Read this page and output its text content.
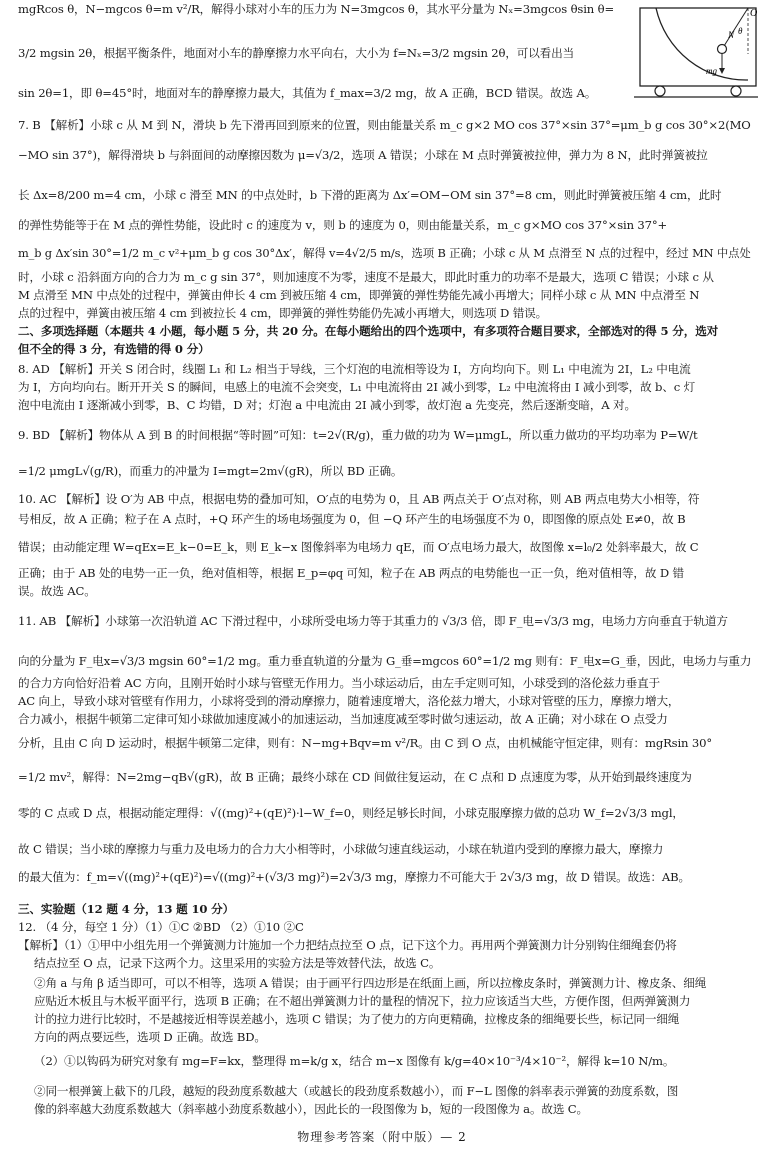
mgRcos θ，N−mgcos θ=m v²/R，解得小球对小车的压力为 N=3mgcos θ，其水平分量为 Nₓ=3mgcos θsin θ=
3/2 mgsin 2θ，根据平衡条件，地面对小车的静摩擦力水平向右，大小为 f=Nₓ=3/2 mgsin 2θ，可以看出当
sin 2θ=1，即 θ=45°时，地面对车的静摩擦力最大，其值为 f_max=3/2 mg，故 A 正确，BCD 错误。故选 A。
7. B 【解析】小球 c 从 M 到 N，滑块 b 先下滑再回到原来的位置，则由能量关系 m_c g×2 MO cos 37°×sin 37°=μm_b g cos 30°×2(MO
−MO sin 37°)，解得滑块 b 与斜面间的动摩擦因数为 μ=√3/2，选项 A 错误；小球在 M 点时弹簧被拉伸，弹力为 8 N，此时弹簧被拉
长 Δx=8/200 m=4 cm，小球 c 滑至 MN 的中点处时，b 下滑的距离为 Δx′=OM−OM sin 37°=8 cm，则此时弹簧被压缩 4 cm，此时
的弹性势能等于在 M 点的弹性势能，设此时 c 的速度为 v，则 b 的速度为 0，则由能量关系，m_c g×MO cos 37°×sin 37°+
m_b g Δx′sin 30°=1/2 m_c v²+μm_b g cos 30°Δx′，解得 v=4√2/5 m/s，选项 B 正确；小球 c 从 M 点滑至 N 点的过程中，经过 MN 中点处
时，小球 c 沿斜面方向的合力为 m_c g sin 37°，则加速度不为零，速度不是最大，即此时重力的功率不是最大，选项 C 错误；小球 c 从
M 点滑至 MN 中点处的过程中，弹簧由伸长 4 cm 到被压缩 4 cm，即弹簧的弹性势能先减小再增大；同样小球 c 从 MN 中点滑至 N
点的过程中，弹簧由被压缩 4 cm 到被拉长 4 cm，即弹簧的弹性势能仍先减小再增大，则选项 D 错误。
二、多项选择题（本题共 4 小题，每小题 5 分，共 20 分。在每小题给出的四个选项中，有多项符合题目要求，全部选对的得 5 分，选对
但不全的得 3 分，有选错的得 0 分）
8. AD 【解析】开关 S 闭合时，线圈 L₁ 和 L₂ 相当于导线，三个灯泡的电流相等设为 I，方向均向下。则 L₁ 中电流为 2I，L₂ 中电流
为 I，方向均向右。断开开关 S 的瞬间，电感上的电流不会突变，L₁ 中电流将由 2I 减小到零，L₂ 中电流将由 I 减小到零，故 b、c 灯
泡中电流由 I 逐渐减小到零，B、C 均错，D 对；灯泡 a 中电流由 2I 减小到零，故灯泡 a 先变亮，然后逐渐变暗，A 对。
9. BD 【解析】物体从 A 到 B 的时间根据“等时圆”可知：t=2√(R/g)，重力做的功为 W=μmgL，所以重力做功的平均功率为 P=W/t
=1/2 μmgL√(g/R)，而重力的冲量为 I=mgt=2m√(gR)，所以 BD 正确。
10. AC 【解析】设 O′为 AB 中点，根据电势的叠加可知，O′点的电势为 0，且 AB 两点关于 O′点对称，则 AB 两点电势大小相等，符
号相反，故 A 正确；粒子在 A 点时，+Q 环产生的场电场强度为 0，但 −Q 环产生的电场强度不为 0，即图像的原点处 E≠0，故 B
错误；由动能定理 W=qEx=E_k−0=E_k，则 E_k−x 图像斜率为电场力 qE，而 O′点电场力最大，故图像 x=l₀/2 处斜率最大，故 C
正确；由于 AB 处的电势一正一负，绝对值相等，根据 E_p=φq 可知，粒子在 AB 两点的电势能也一正一负，绝对值相等，故 D 错
误。故选 AC。
11. AB 【解析】小球第一次沿轨道 AC 下滑过程中，小球所受电场力等于其重力的 √3/3 倍，即 F_电=√3/3 mg，电场力方向垂直于轨道方
向的分量为 F_电x=√3/3 mgsin 60°=1/2 mg。重力垂直轨道的分量为 G_垂=mgcos 60°=1/2 mg 则有：F_电x=G_垂，因此，电场力与重力
的合力方向恰好沿着 AC 方向，且刚开始时小球与管壁无作用力。当小球运动后，由左手定则可知，小球受到的洛伦兹力垂直于
AC 向上，导致小球对管壁有作用力，小球将受到的滑动摩擦力，随着速度增大，洛伦兹力增大，小球对管壁的压力，摩擦力增大，
合力减小，根据牛顿第二定律可知小球做加速度减小的加速运动，当加速度减至零时做匀速运动，故 A 正确；对小球在 O 点受力
分析，且由 C 向 D 运动时，根据牛顿第二定律，则有：N−mg+Bqv=m v²/R。由 C 到 O 点，由机械能守恒定律，则有：mgRsin 30°
=1/2 mv²，解得：N=2mg−qB√(gR)，故 B 正确；最终小球在 CD 间做往复运动，在 C 点和 D 点速度为零，从开始到最终速度为
零的 C 点或 D 点，根据动能定理得：√((mg)²+(qE)²)·l−W_f=0，则经足够长时间，小球克服摩擦力做的总功 W_f=2√3/3 mgl，
故 C 错误；当小球的摩擦力与重力及电场力的合力大小相等时，小球做匀速直线运动，小球在轨道内受到的摩擦力最大，摩擦力
的最大值为：f_m=√((mg)²+(qE)²)=√((mg)²+(√3/3 mg)²)=2√3/3 mg，摩擦力不可能大于 2√3/3 mg，故 D 错误。故选：AB。
三、实验题（12 题 4 分，13 题 10 分）
12. （4 分，每空 1 分）（1）①C ②BD （2）①10 ②C
【解析】（1）①甲中小组先用一个弹簧测力计施加一个力把结点拉至 O 点，记下这个力。再用两个弹簧测力计分别钩住细绳套仍将
结点拉至 O 点，记录下这两个力。这里采用的实验方法是等效替代法，故选 C。
②角 a 与角 β 适当即可，可以不相等，选项 A 错误；由于画平行四边形是在纸面上画，所以拉橡皮条时，弹簧测力计、橡皮条、细绳
应贴近木板且与木板平面平行，选项 B 正确；在不超出弹簧测力计的量程的情况下，拉力应该适当大些，方便作图，但两弹簧测力
计的拉力进行比较时，不是越接近相等误差越小，选项 C 错误；为了使力的方向更精确，拉橡皮条的细绳要长些，标记同一细绳
方向的两点要远些，选项 D 正确。故选 BD。
（2）①以钩码为研究对象有 mg=F=kx，整理得 m=k/g x，结合 m−x 图像有 k/g=40×10⁻³/4×10⁻²，解得 k=10 N/m。
②同一根弹簧上截下的几段，越短的段劲度系数越大（或越长的段劲度系数越小），而 F−L 图像的斜率表示弹簧的劲度系数，图
像的斜率越大劲度系数越大（斜率越小劲度系数越小），因此长的一段图像为 b，短的一段图像为 a。故选 C。
O
N θ
mg
物理参考答案（附中版）— 2
